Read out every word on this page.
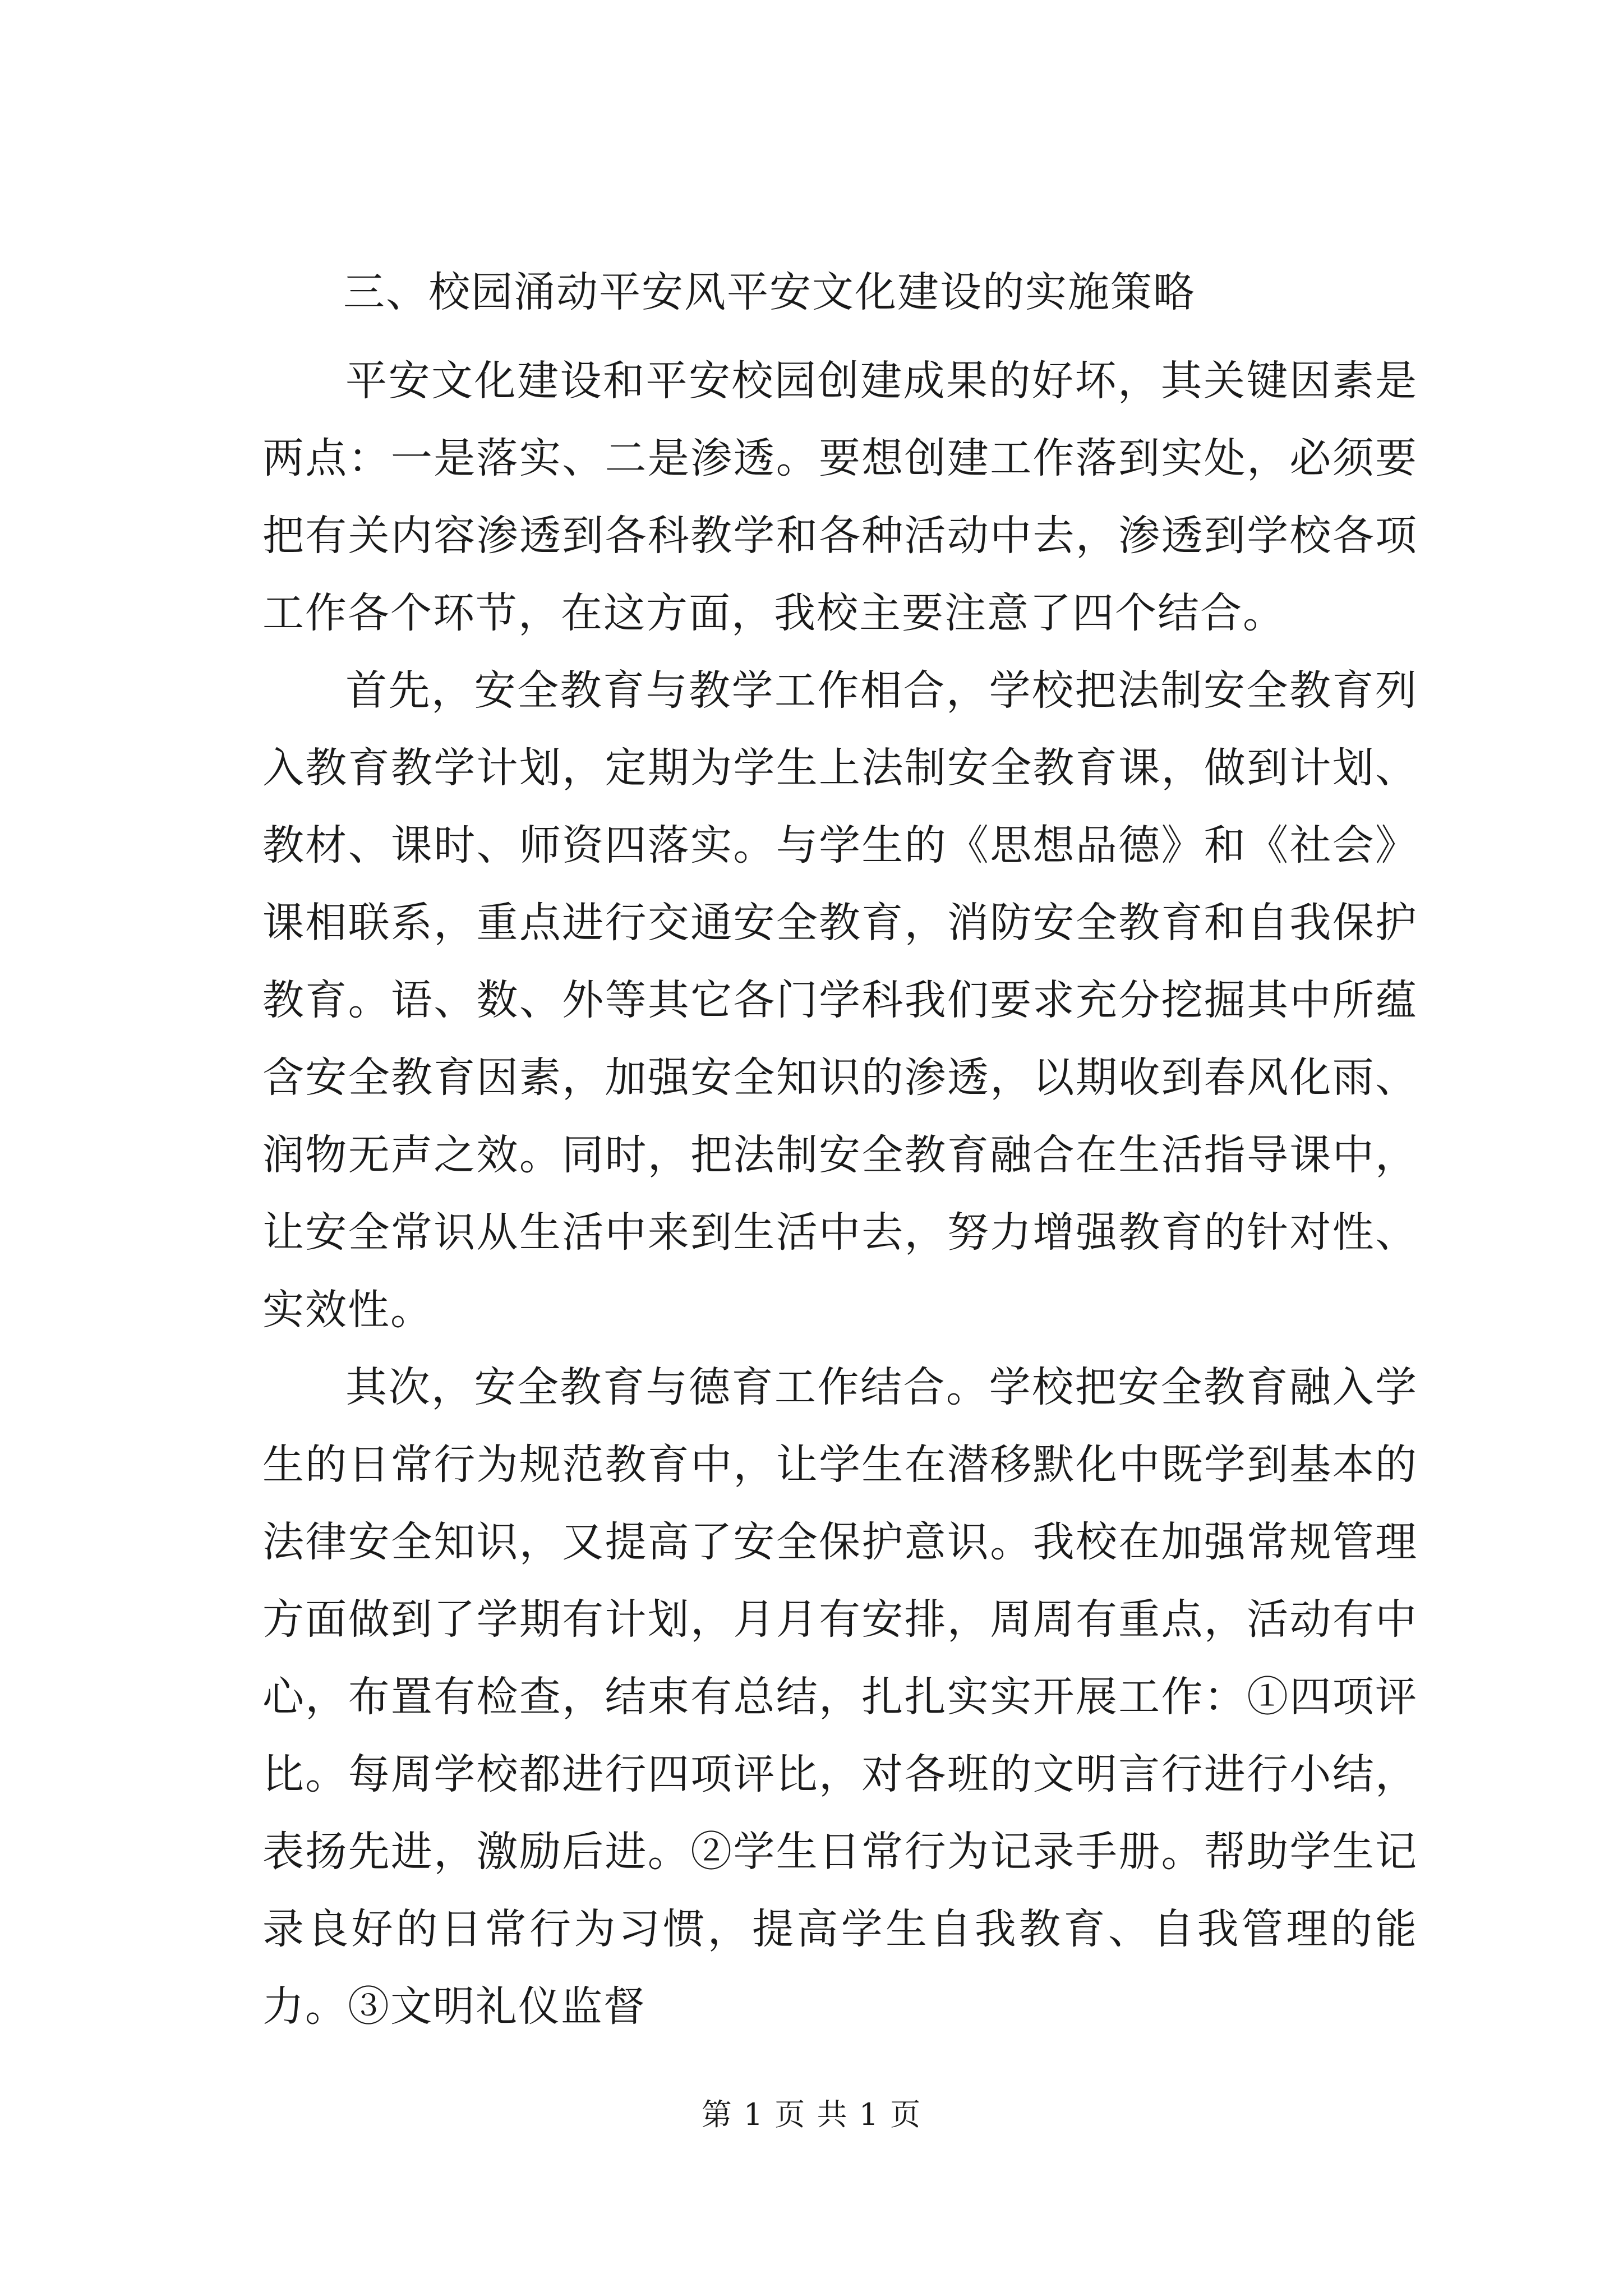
三、校园涌动平安风平安文化建设的实施策略

平安文化建设和平安校园创建成果的好坏，其关键因素是两点：一是落实、二是渗透。要想创建工作落到实处，必须要把有关内容渗透到各科教学和各种活动中去，渗透到学校各项工作各个环节，在这方面，我校主要注意了四个结合。

首先，安全教育与教学工作相合，学校把法制安全教育列入教育教学计划，定期为学生上法制安全教育课，做到计划、教材、课时、师资四落实。与学生的《思想品德》和《社会》课相联系，重点进行交通安全教育，消防安全教育和自我保护教育。语、数、外等其它各门学科我们要求充分挖掘其中所蕴含安全教育因素，加强安全知识的渗透，以期收到春风化雨、润物无声之效。同时，把法制安全教育融合在生活指导课中，让安全常识从生活中来到生活中去，努力增强教育的针对性、实效性。

其次，安全教育与德育工作结合。学校把安全教育融入学生的日常行为规范教育中，让学生在潜移默化中既学到基本的法律安全知识，又提高了安全保护意识。我校在加强常规管理方面做到了学期有计划，月月有安排，周周有重点，活动有中心，布置有检查，结束有总结，扎扎实实开展工作：①四项评比。每周学校都进行四项评比，对各班的文明言行进行小结，表扬先进，激励后进。②学生日常行为记录手册。帮助学生记录良好的日常行为习惯，提高学生自我教育、自我管理的能力。③文明礼仪监督

第 1 页 共 1 页
